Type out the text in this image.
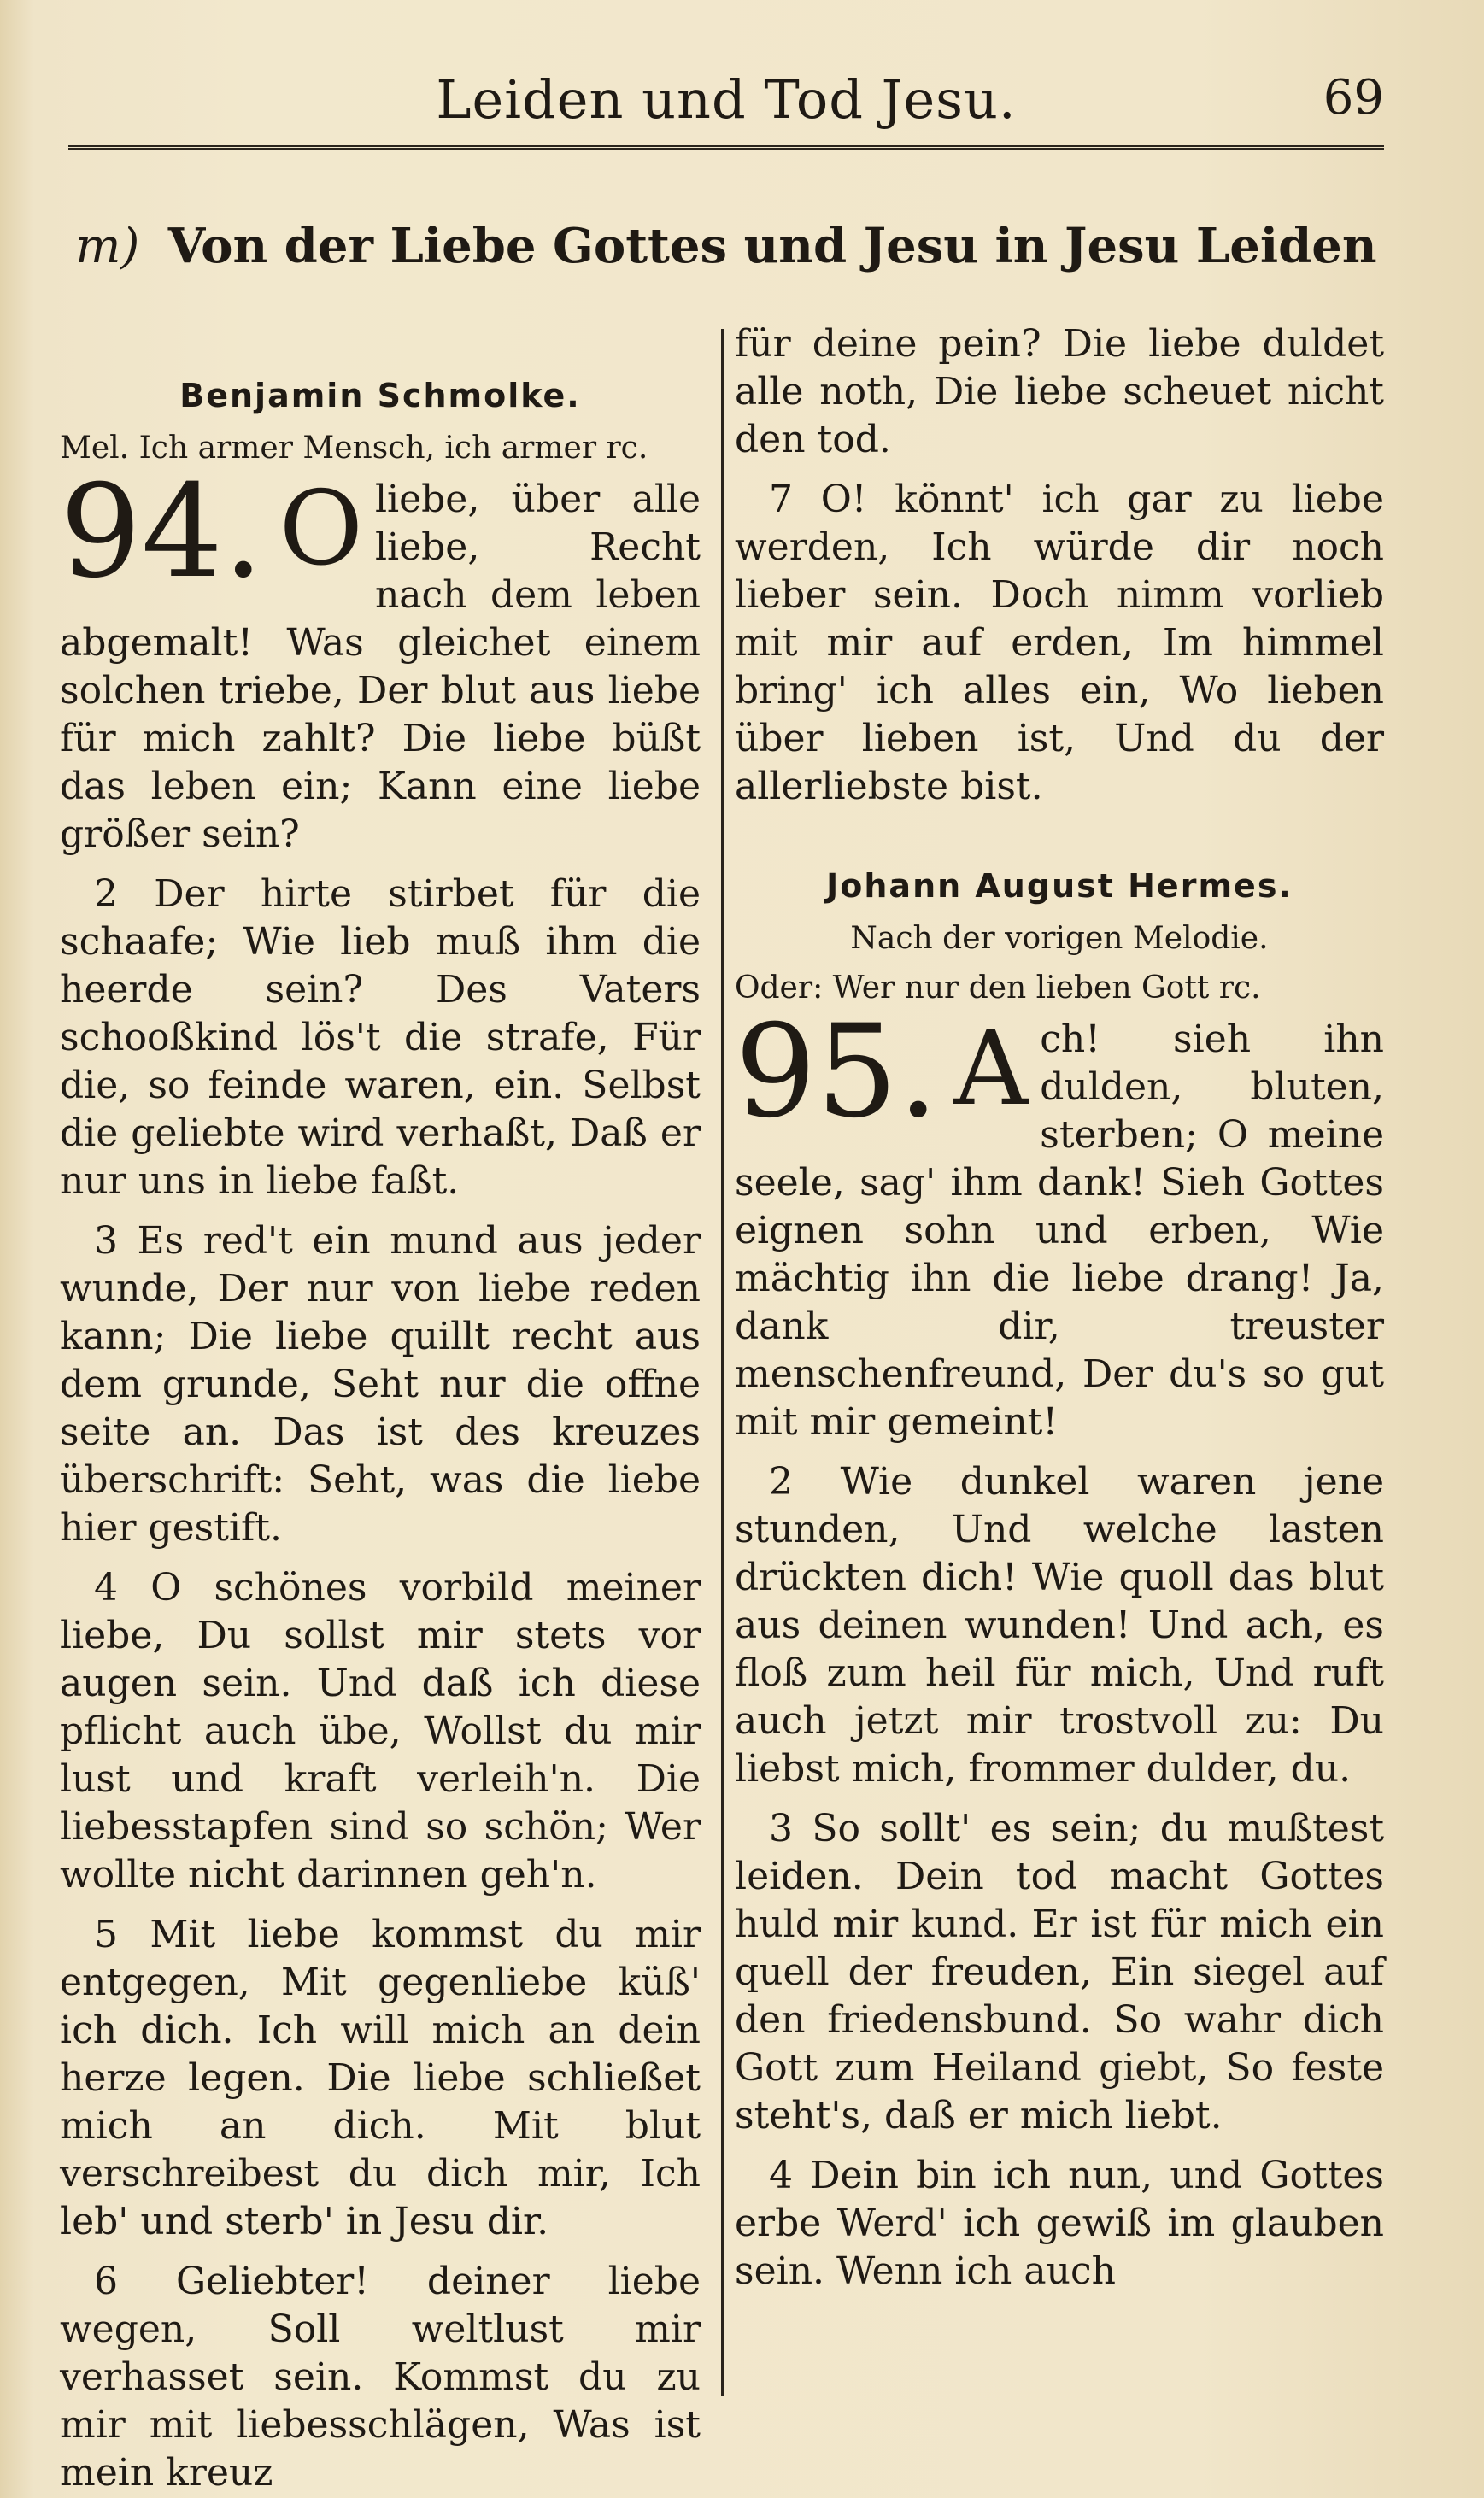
Leiden und Tod Jesu.	69
m) Von der Liebe Gottes und Jesu in Jesu Leiden
Benjamin Schmolke.
Mel. Ich armer Mensch, ich armer rc.
94. O liebe, über alle liebe, Recht nach dem leben abgemalt! Was gleichet einem solchen triebe, Der blut aus liebe für mich zahlt? Die liebe büßt das leben ein; Kann eine liebe größer sein?

2 Der hirte stirbet für die schaafe; Wie lieb muß ihm die heerde sein? Des Vaters schooßkind lös't die strafe, Für die, so feinde waren, ein. Selbst die geliebte wird verhaßt, Daß er nur uns in liebe faßt.

3 Es red't ein mund aus jeder wunde, Der nur von liebe reden kann; Die liebe quillt recht aus dem grunde, Seht nur die offne seite an. Das ist des kreuzes überschrift: Seht, was die liebe hier gestift.

4 O schönes vorbild meiner liebe, Du sollst mir stets vor augen sein. Und daß ich diese pflicht auch übe, Wollst du mir lust und kraft verleih'n. Die liebesstapfen sind so schön; Wer wollte nicht darinnen geh'n.

5 Mit liebe kommst du mir entgegen, Mit gegenliebe küß' ich dich. Ich will mich an dein herze legen. Die liebe schließet mich an dich. Mit blut verschreibest du dich mir, Ich leb' und sterb' in Jesu dir.

6 Geliebter! deiner liebe wegen, Soll weltlust mir verhasset sein. Kommst du zu mir mit liebesschlägen, Was ist mein kreuz

für deine pein? Die liebe duldet alle noth, Die liebe scheuet nicht den tod.

7 O! könnt' ich gar zu liebe werden, Ich würde dir noch lieber sein. Doch nimm vorlieb mit mir auf erden, Im himmel bring' ich alles ein, Wo lieben über lieben ist, Und du der allerliebste bist.

Johann August Hermes.
Nach der vorigen Melodie.
Oder: Wer nur den lieben Gott rc.
95. A ch! sieh ihn dulden, bluten, sterben; O meine seele, sag' ihm dank! Sieh Gottes eignen sohn und erben, Wie mächtig ihn die liebe drang! Ja, dank dir, treuster menschenfreund, Der du's so gut mit mir gemeint!

2 Wie dunkel waren jene stunden, Und welche lasten drückten dich! Wie quoll das blut aus deinen wunden! Und ach, es floß zum heil für mich, Und ruft auch jetzt mir trostvoll zu: Du liebst mich, frommer dulder, du.

3 So sollt' es sein; du mußtest leiden. Dein tod macht Gottes huld mir kund. Er ist für mich ein quell der freuden, Ein siegel auf den friedensbund. So wahr dich Gott zum Heiland giebt, So feste steht's, daß er mich liebt.

4 Dein bin ich nun, und Gottes erbe Werd' ich gewiß im glauben sein. Wenn ich auch
